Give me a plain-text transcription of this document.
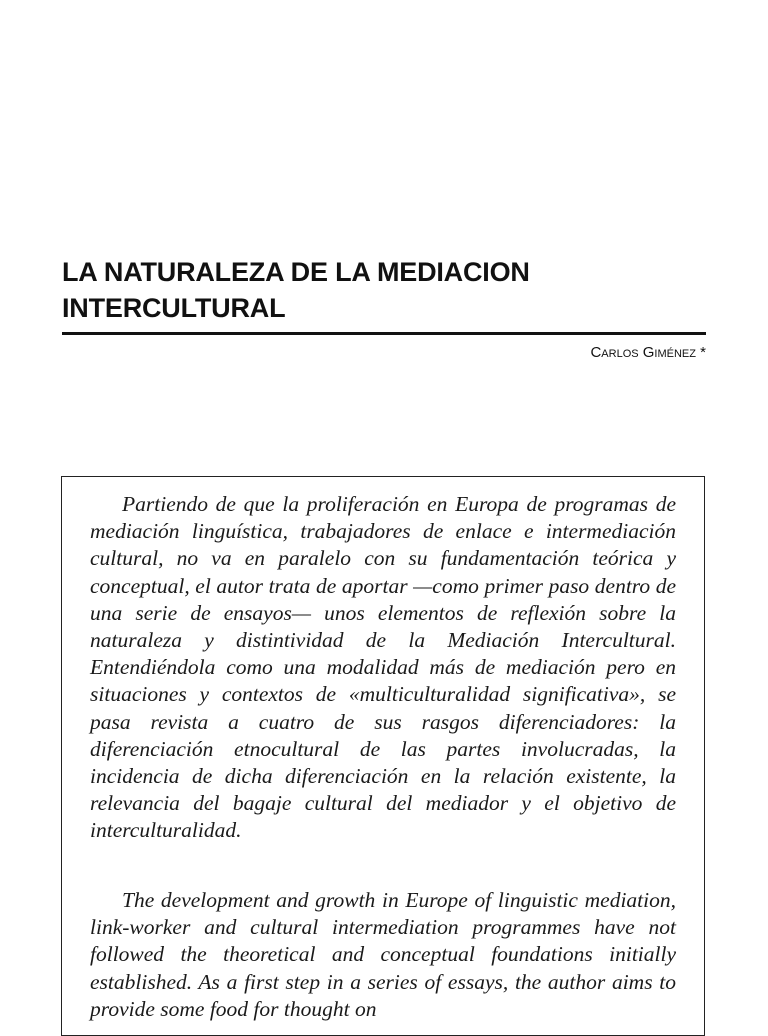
LA NATURALEZA DE LA MEDIACION INTERCULTURAL
Carlos Giménez *

Partiendo de que la proliferación en Europa de programas de mediación linguística, trabajadores de enlace e intermediación cultural, no va en paralelo con su fundamentación teórica y conceptual, el autor trata de aportar —como primer paso dentro de una serie de ensayos— unos elementos de reflexión sobre la naturaleza y distintividad de la Mediación Intercultural. Entendiéndola como una modalidad más de mediación pero en situaciones y contextos de «multiculturalidad significativa», se pasa revista a cuatro de sus rasgos diferenciadores: la diferenciación etnocultural de las partes involucradas, la incidencia de dicha diferenciación en la relación existente, la relevancia del bagaje cultural del mediador y el objetivo de interculturalidad.

The development and growth in Europe of linguistic mediation, link-worker and cultural intermediation programmes have not followed the theoretical and conceptual foundations initially established. As a first step in a series of essays, the author aims to provide some food for thought on
